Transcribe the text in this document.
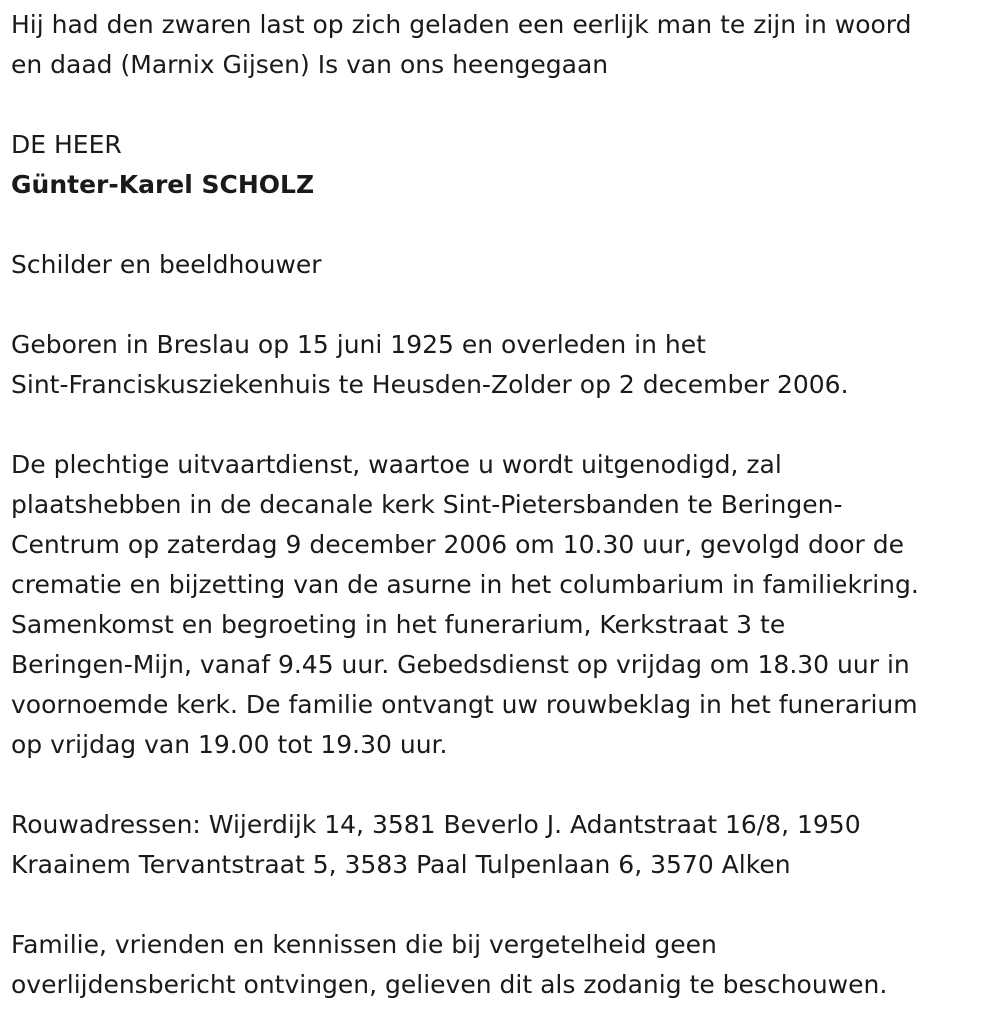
Hij had den zwaren last op zich geladen een eerlijk man te zijn in woord
en daad (Marnix Gijsen) Is van ons heengegaan
DE HEER
Günter-Karel SCHOLZ
Schilder en beeldhouwer
Geboren in Breslau op 15 juni 1925 en overleden in het
Sint-Franciskusziekenhuis te Heusden-Zolder op 2 december 2006.
De plechtige uitvaartdienst, waartoe u wordt uitgenodigd, zal
plaatshebben in de decanale kerk Sint-Pietersbanden te Beringen-
Centrum op zaterdag 9 december 2006 om 10.30 uur, gevolgd door de
crematie en bijzetting van de asurne in het columbarium in familiekring.
Samenkomst en begroeting in het funerarium, Kerkstraat 3 te
Beringen-Mijn, vanaf 9.45 uur. Gebedsdienst op vrijdag om 18.30 uur in
voornoemde kerk. De familie ontvangt uw rouwbeklag in het funerarium
op vrijdag van 19.00 tot 19.30 uur.
Rouwadressen: Wijerdijk 14, 3581 Beverlo J. Adantstraat 16/8, 1950
Kraainem Tervantstraat 5, 3583 Paal Tulpenlaan 6, 3570 Alken
Familie, vrienden en kennissen die bij vergetelheid geen
overlijdensbericht ontvingen, gelieven dit als zodanig te beschouwen.
